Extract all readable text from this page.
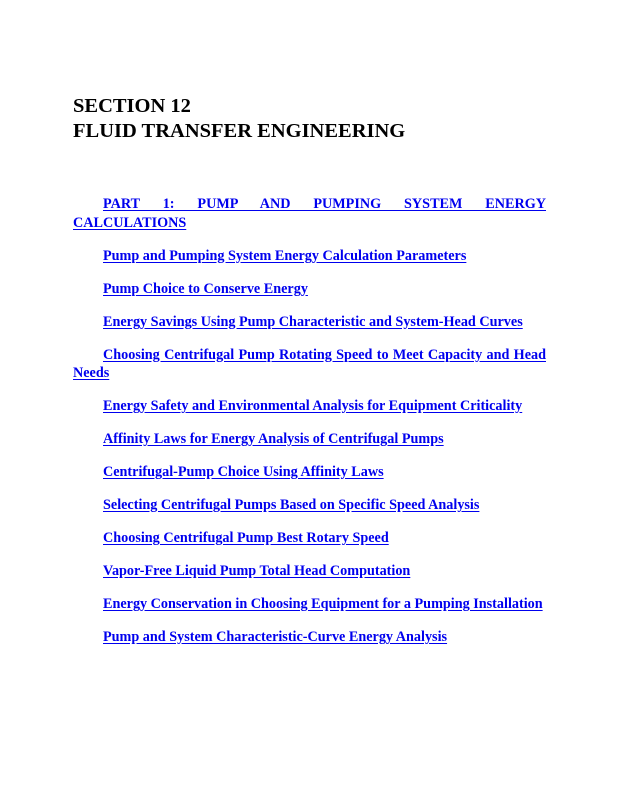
SECTION 12
FLUID TRANSFER ENGINEERING
PART 1: PUMP AND PUMPING SYSTEM ENERGY CALCULATIONS
Pump and Pumping System Energy Calculation Parameters
Pump Choice to Conserve Energy
Energy Savings Using Pump Characteristic and System-Head Curves
Choosing Centrifugal Pump Rotating Speed to Meet Capacity and Head Needs
Energy Safety and Environmental Analysis for Equipment Criticality
Affinity Laws for Energy Analysis of Centrifugal Pumps
Centrifugal-Pump Choice Using Affinity Laws
Selecting Centrifugal Pumps Based on Specific Speed Analysis
Choosing Centrifugal Pump Best Rotary Speed
Vapor-Free Liquid Pump Total Head Computation
Energy Conservation in Choosing Equipment for a Pumping Installation
Pump and System Characteristic-Curve Energy Analysis
